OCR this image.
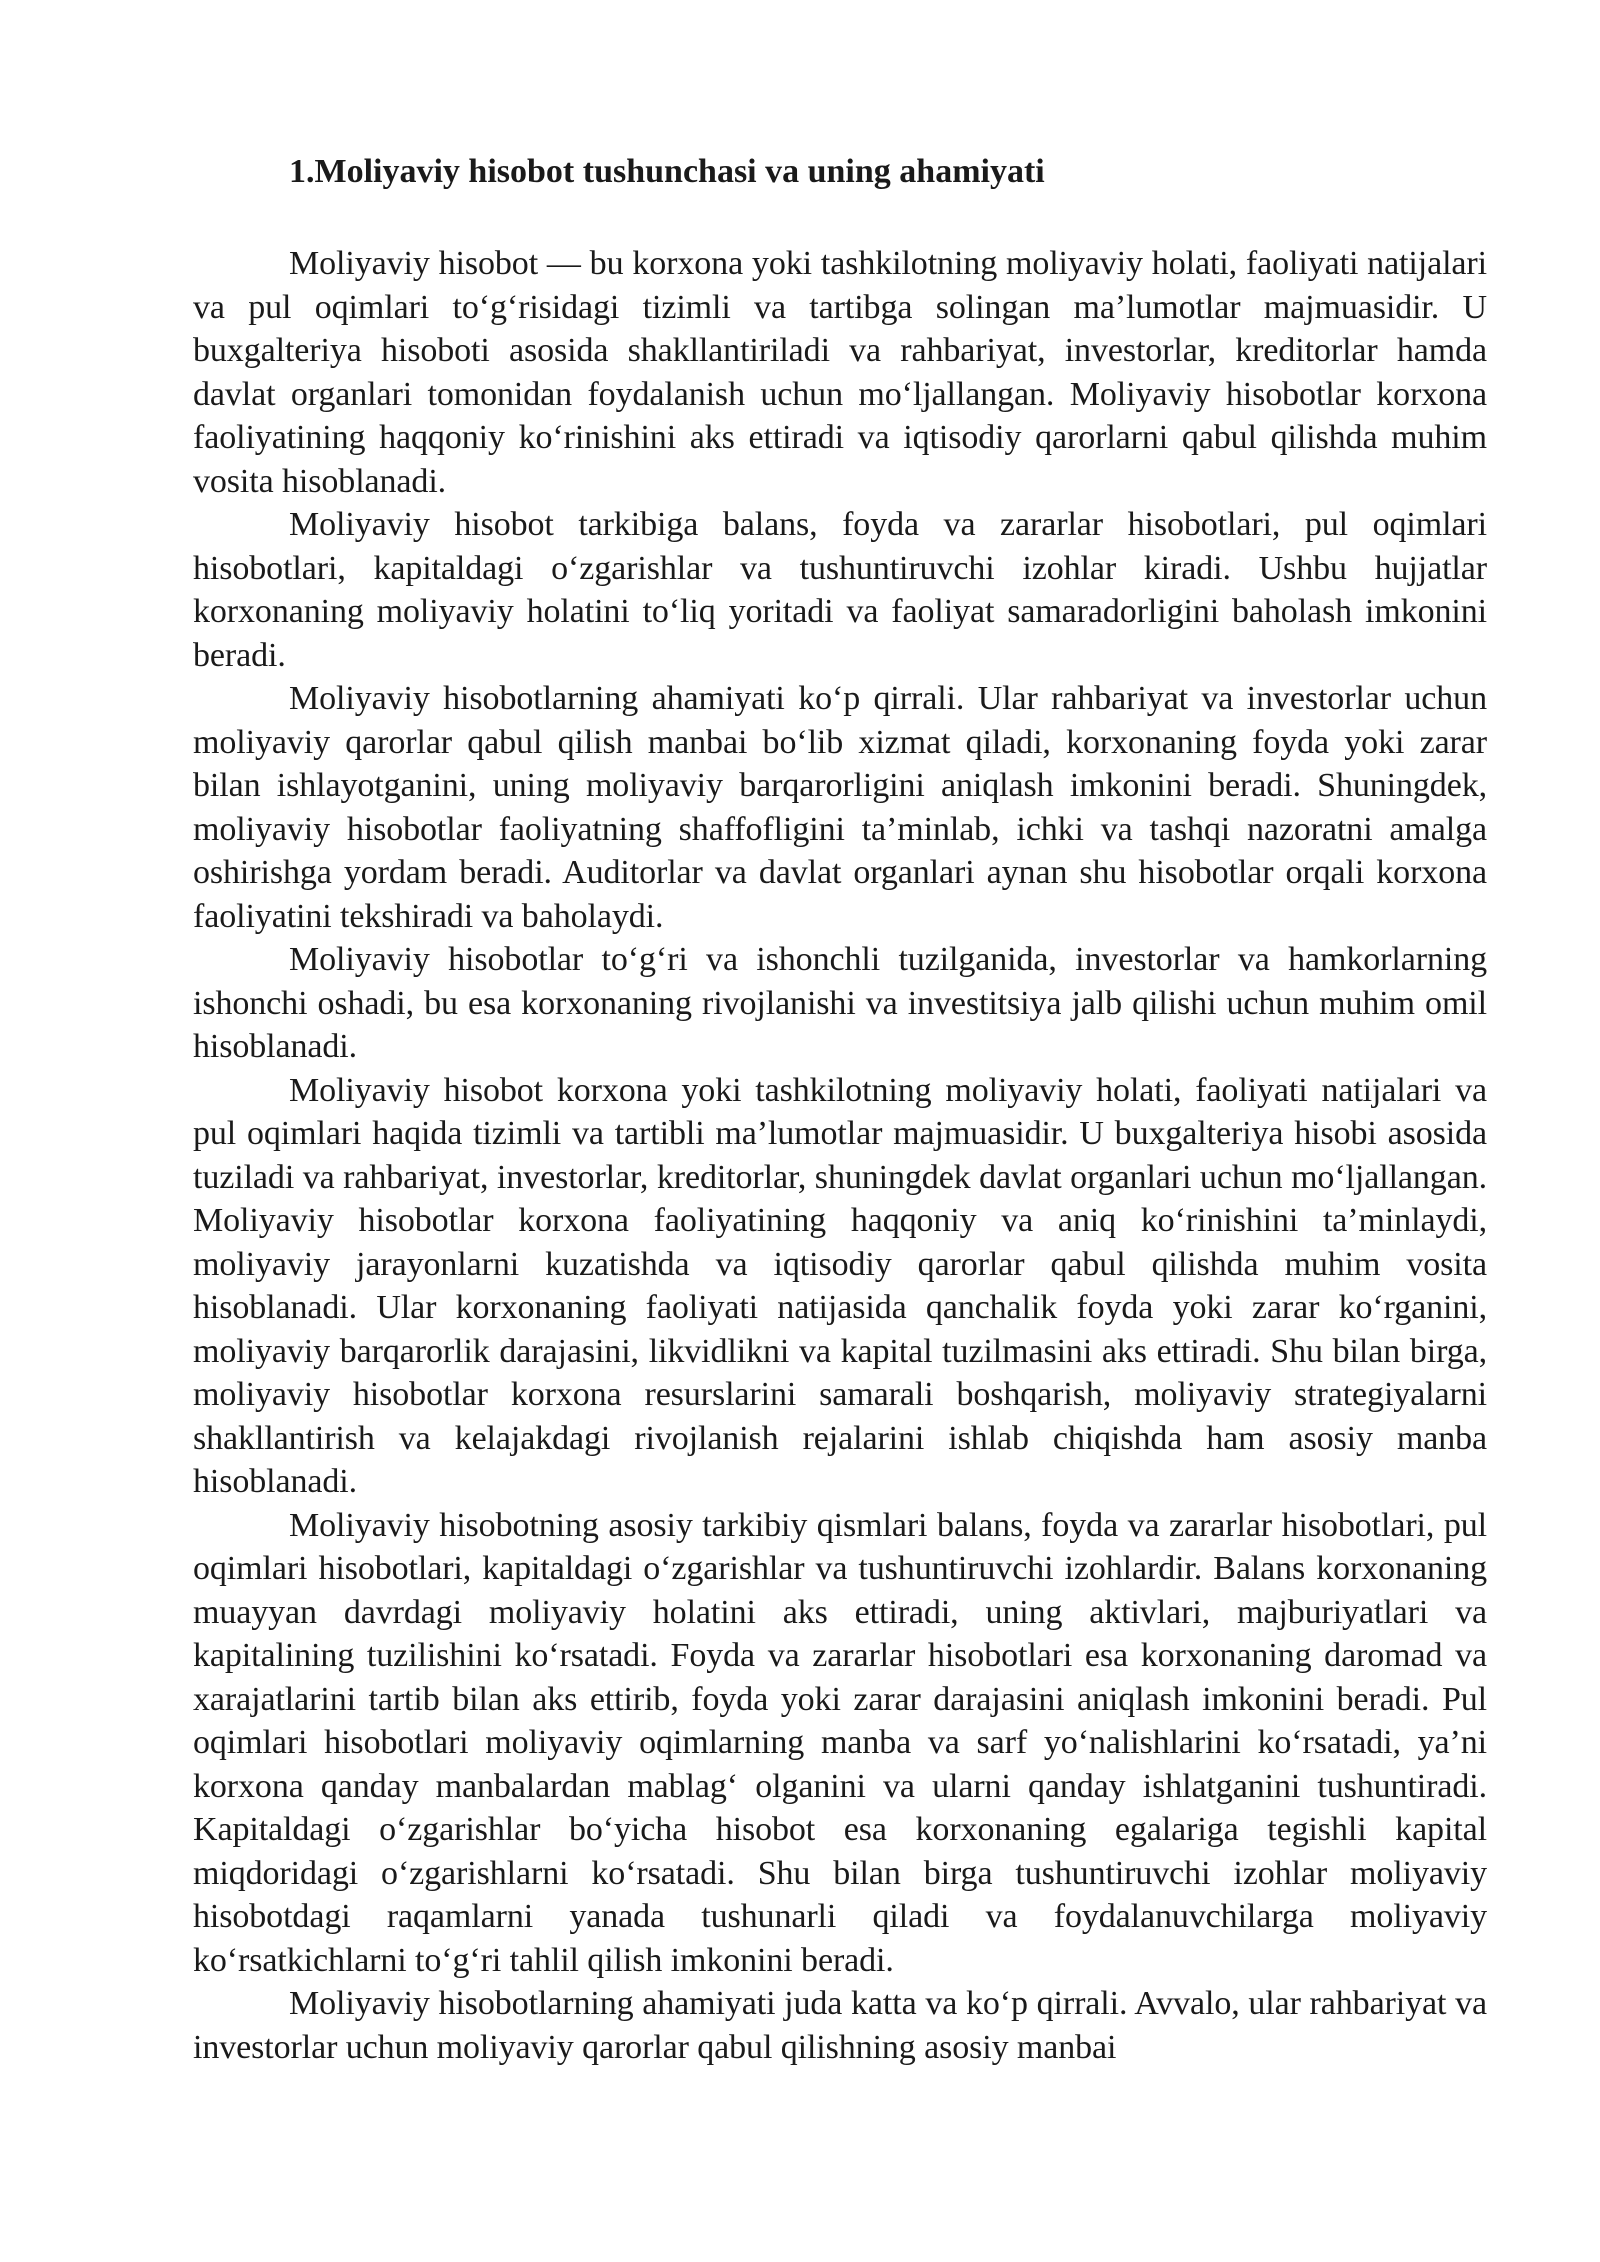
1.Moliyaviy hisobot tushunchasi va uning ahamiyati

Moliyaviy hisobot — bu korxona yoki tashkilotning moliyaviy holati, faoliyati natijalari va pul oqimlari to‘g‘risidagi tizimli va tartibga solingan ma’lumotlar majmuasidir. U buxgalteriya hisoboti asosida shakllantiriladi va rahbariyat, investorlar, kreditorlar hamda davlat organlari tomonidan foydalanish uchun mo‘ljallangan. Moliyaviy hisobotlar korxona faoliyatining haqqoniy ko‘rinishini aks ettiradi va iqtisodiy qarorlarni qabul qilishda muhim vosita hisoblanadi.

Moliyaviy hisobot tarkibiga balans, foyda va zararlar hisobotlari, pul oqimlari hisobotlari, kapitaldagi o‘zgarishlar va tushuntiruvchi izohlar kiradi. Ushbu hujjatlar korxonaning moliyaviy holatini to‘liq yoritadi va faoliyat samaradorligini baholash imkonini beradi.

Moliyaviy hisobotlarning ahamiyati ko‘p qirrali. Ular rahbariyat va investorlar uchun moliyaviy qarorlar qabul qilish manbai bo‘lib xizmat qiladi, korxonaning foyda yoki zarar bilan ishlayotganini, uning moliyaviy barqarorligini aniqlash imkonini beradi. Shuningdek, moliyaviy hisobotlar faoliyatning shaffofligini ta’minlab, ichki va tashqi nazoratni amalga oshirishga yordam beradi. Auditorlar va davlat organlari aynan shu hisobotlar orqali korxona faoliyatini tekshiradi va baholaydi.

Moliyaviy hisobotlar to‘g‘ri va ishonchli tuzilganida, investorlar va hamkorlarning ishonchi oshadi, bu esa korxonaning rivojlanishi va investitsiya jalb qilishi uchun muhim omil hisoblanadi.

Moliyaviy hisobot korxona yoki tashkilotning moliyaviy holati, faoliyati natijalari va pul oqimlari haqida tizimli va tartibli ma’lumotlar majmuasidir. U buxgalteriya hisobi asosida tuziladi va rahbariyat, investorlar, kreditorlar, shuningdek davlat organlari uchun mo‘ljallangan. Moliyaviy hisobotlar korxona faoliyatining haqqoniy va aniq ko‘rinishini ta’minlaydi, moliyaviy jarayonlarni kuzatishda va iqtisodiy qarorlar qabul qilishda muhim vosita hisoblanadi. Ular korxonaning faoliyati natijasida qanchalik foyda yoki zarar ko‘rganini, moliyaviy barqarorlik darajasini, likvidlikni va kapital tuzilmasini aks ettiradi. Shu bilan birga, moliyaviy hisobotlar korxona resurslarini samarali boshqarish, moliyaviy strategiyalarni shakllantirish va kelajakdagi rivojlanish rejalarini ishlab chiqishda ham asosiy manba hisoblanadi.

Moliyaviy hisobotning asosiy tarkibiy qismlari balans, foyda va zararlar hisobotlari, pul oqimlari hisobotlari, kapitaldagi o‘zgarishlar va tushuntiruvchi izohlardir. Balans korxonaning muayyan davrdagi moliyaviy holatini aks ettiradi, uning aktivlari, majburiyatlari va kapitalining tuzilishini ko‘rsatadi. Foyda va zararlar hisobotlari esa korxonaning daromad va xarajatlarini tartib bilan aks ettirib, foyda yoki zarar darajasini aniqlash imkonini beradi. Pul oqimlari hisobotlari moliyaviy oqimlarning manba va sarf yo‘nalishlarini ko‘rsatadi, ya’ni korxona qanday manbalardan mablag‘ olganini va ularni qanday ishlatganini tushuntiradi. Kapitaldagi o‘zgarishlar bo‘yicha hisobot esa korxonaning egalariga tegishli kapital miqdoridagi o‘zgarishlarni ko‘rsatadi. Shu bilan birga tushuntiruvchi izohlar moliyaviy hisobotdagi raqamlarni yanada tushunarli qiladi va foydalanuvchilarga moliyaviy ko‘rsatkichlarni to‘g‘ri tahlil qilish imkonini beradi.

Moliyaviy hisobotlarning ahamiyati juda katta va ko‘p qirrali. Avvalo, ular rahbariyat va investorlar uchun moliyaviy qarorlar qabul qilishning asosiy manbai
